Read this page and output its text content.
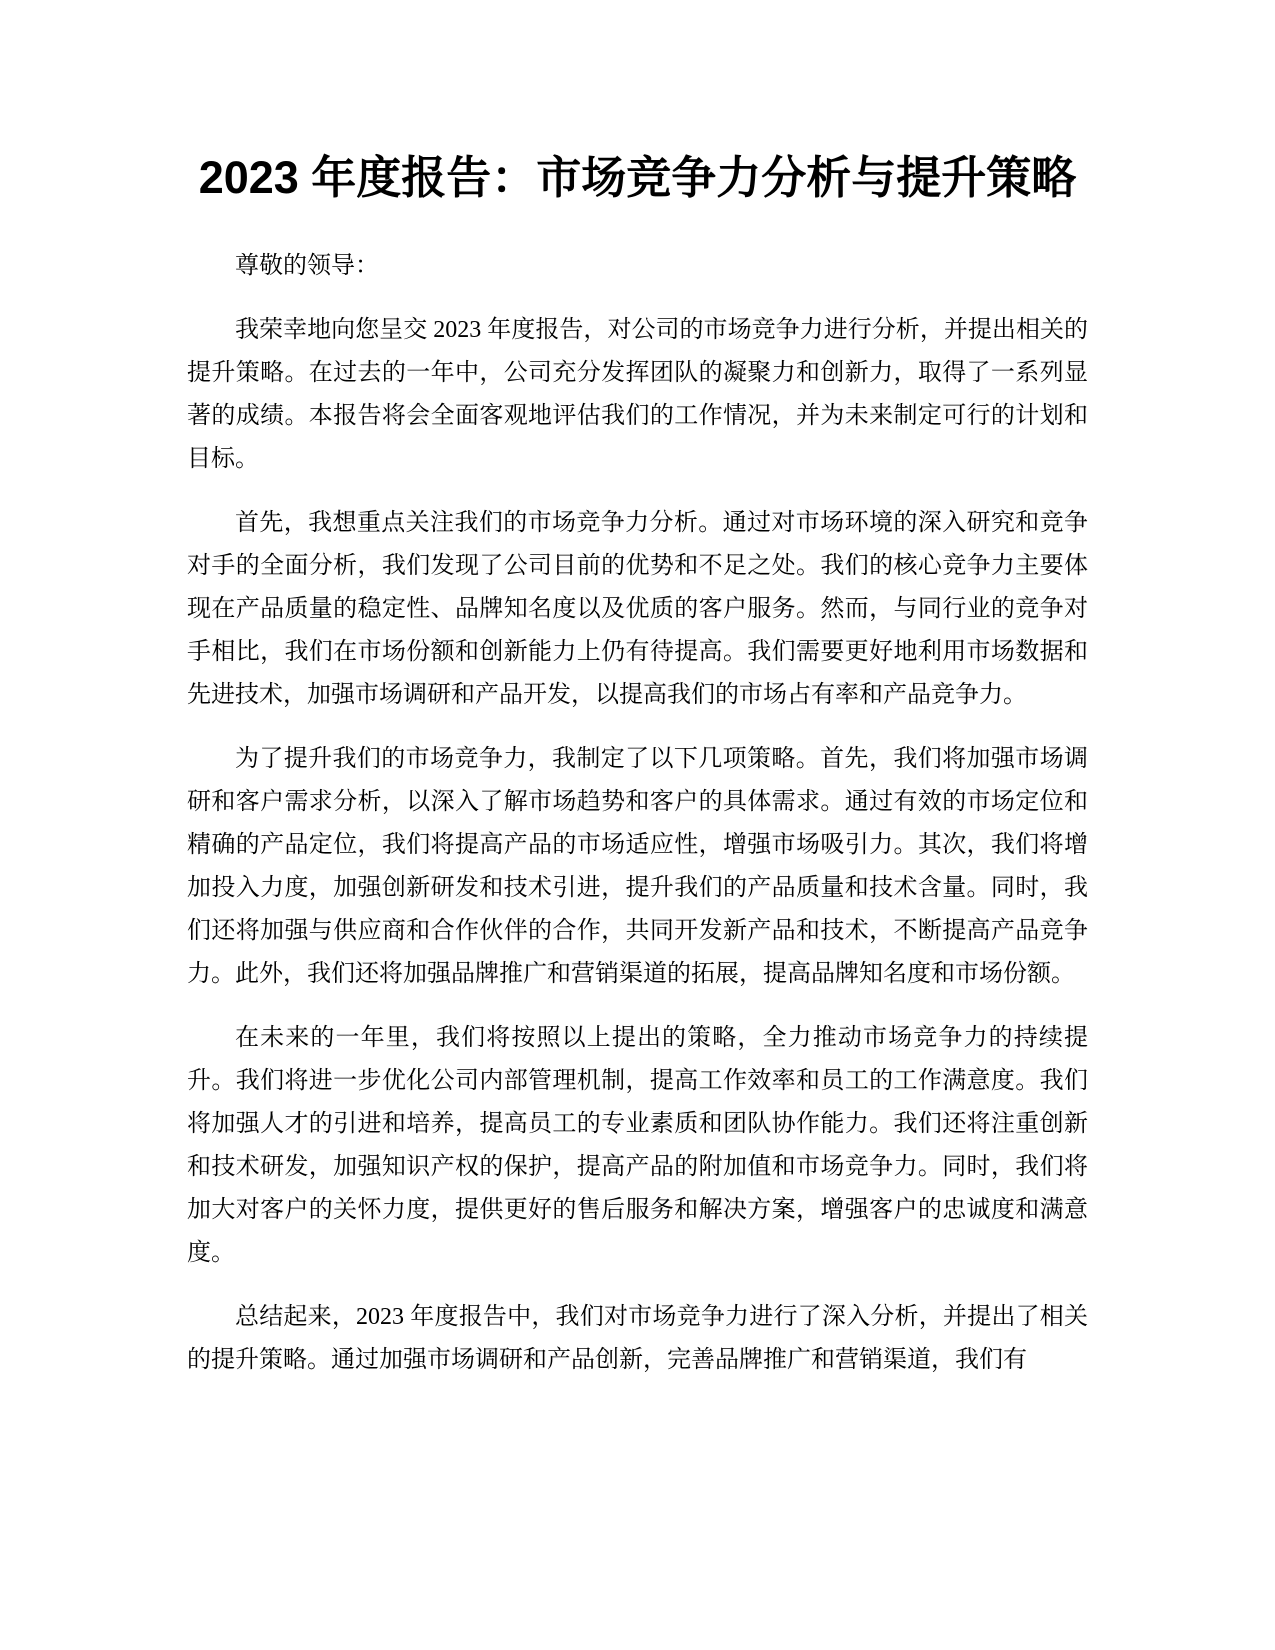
2023 年度报告：市场竞争力分析与提升策略

尊敬的领导：

我荣幸地向您呈交 2023 年度报告，对公司的市场竞争力进行分析，并提出相关的提升策略。在过去的一年中，公司充分发挥团队的凝聚力和创新力，取得了一系列显著的成绩。本报告将会全面客观地评估我们的工作情况，并为未来制定可行的计划和目标。

首先，我想重点关注我们的市场竞争力分析。通过对市场环境的深入研究和竞争对手的全面分析，我们发现了公司目前的优势和不足之处。我们的核心竞争力主要体现在产品质量的稳定性、品牌知名度以及优质的客户服务。然而，与同行业的竞争对手相比，我们在市场份额和创新能力上仍有待提高。我们需要更好地利用市场数据和先进技术，加强市场调研和产品开发，以提高我们的市场占有率和产品竞争力。

为了提升我们的市场竞争力，我制定了以下几项策略。首先，我们将加强市场调研和客户需求分析，以深入了解市场趋势和客户的具体需求。通过有效的市场定位和精确的产品定位，我们将提高产品的市场适应性，增强市场吸引力。其次，我们将增加投入力度，加强创新研发和技术引进，提升我们的产品质量和技术含量。同时，我们还将加强与供应商和合作伙伴的合作，共同开发新产品和技术，不断提高产品竞争力。此外，我们还将加强品牌推广和营销渠道的拓展，提高品牌知名度和市场份额。

在未来的一年里，我们将按照以上提出的策略，全力推动市场竞争力的持续提升。我们将进一步优化公司内部管理机制，提高工作效率和员工的工作满意度。我们将加强人才的引进和培养，提高员工的专业素质和团队协作能力。我们还将注重创新和技术研发，加强知识产权的保护，提高产品的附加值和市场竞争力。同时，我们将加大对客户的关怀力度，提供更好的售后服务和解决方案，增强客户的忠诚度和满意度。

总结起来，2023 年度报告中，我们对市场竞争力进行了深入分析，并提出了相关的提升策略。通过加强市场调研和产品创新，完善品牌推广和营销渠道，我们有
